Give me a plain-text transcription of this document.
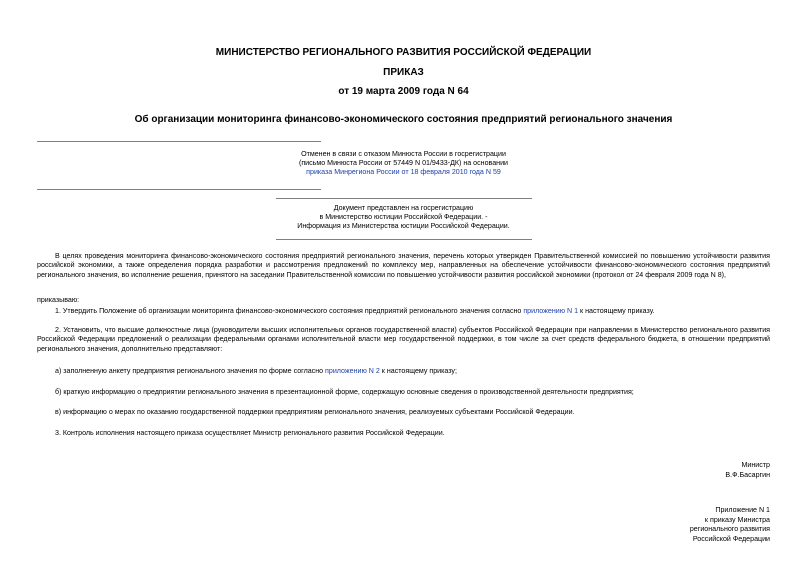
МИНИСТЕРСТВО РЕГИОНАЛЬНОГО РАЗВИТИЯ РОССИЙСКОЙ ФЕДЕРАЦИИ
ПРИКАЗ
от 19 марта 2009 года N 64
Об организации мониторинга финансово-экономического состояния предприятий регионального значения
Отменен в связи с отказом Минюста России в госрегистрации
(письмо Минюста России от 57449 N 01/9433-ДК) на основании
приказа Минрегиона России от 18 февраля 2010 года N 59
Документ представлен на госрегистрацию
в Министерство юстиции Российской Федерации. -
Информация из Министерства юстиции Российской Федерации.
В целях проведения мониторинга финансово-экономического состояния предприятий регионального значения, перечень которых утвержден Правительственной комиссией по повышению устойчивости развития российской экономики, а также определения порядка разработки и рассмотрения предложений по комплексу мер, направленных на обеспечение устойчивости финансово-экономического состояния предприятий регионального значения, во исполнение решения, принятого на заседании Правительственной комиссии по повышению устойчивости развития российской экономики (протокол от 24 февраля 2009 года N 8),
приказываю:
1. Утвердить Положение об организации мониторинга финансово-экономического состояния предприятий регионального значения согласно приложению N 1 к настоящему приказу.
2. Установить, что высшие должностные лица (руководители высших исполнительных органов государственной власти) субъектов Российской Федерации при направлении в Министерство регионального развития Российской Федерации предложений о реализации федеральными органами исполнительной власти мер государственной поддержки, в том числе за счет средств федерального бюджета, в отношении предприятий регионального значения, дополнительно представляют:
а) заполненную анкету предприятия регионального значения по форме согласно приложению N 2 к настоящему приказу;
б) краткую информацию о предприятии регионального значения в презентационной форме, содержащую основные сведения о производственной деятельности предприятия;
в) информацию о мерах по оказанию государственной поддержки предприятиям регионального значения, реализуемых субъектами Российской Федерации.
3. Контроль исполнения настоящего приказа осуществляет Министр регионального развития Российской Федерации.
Министр
В.Ф.Басаргин
Приложение N 1
к приказу Министра
регионального развития
Российской Федерации
